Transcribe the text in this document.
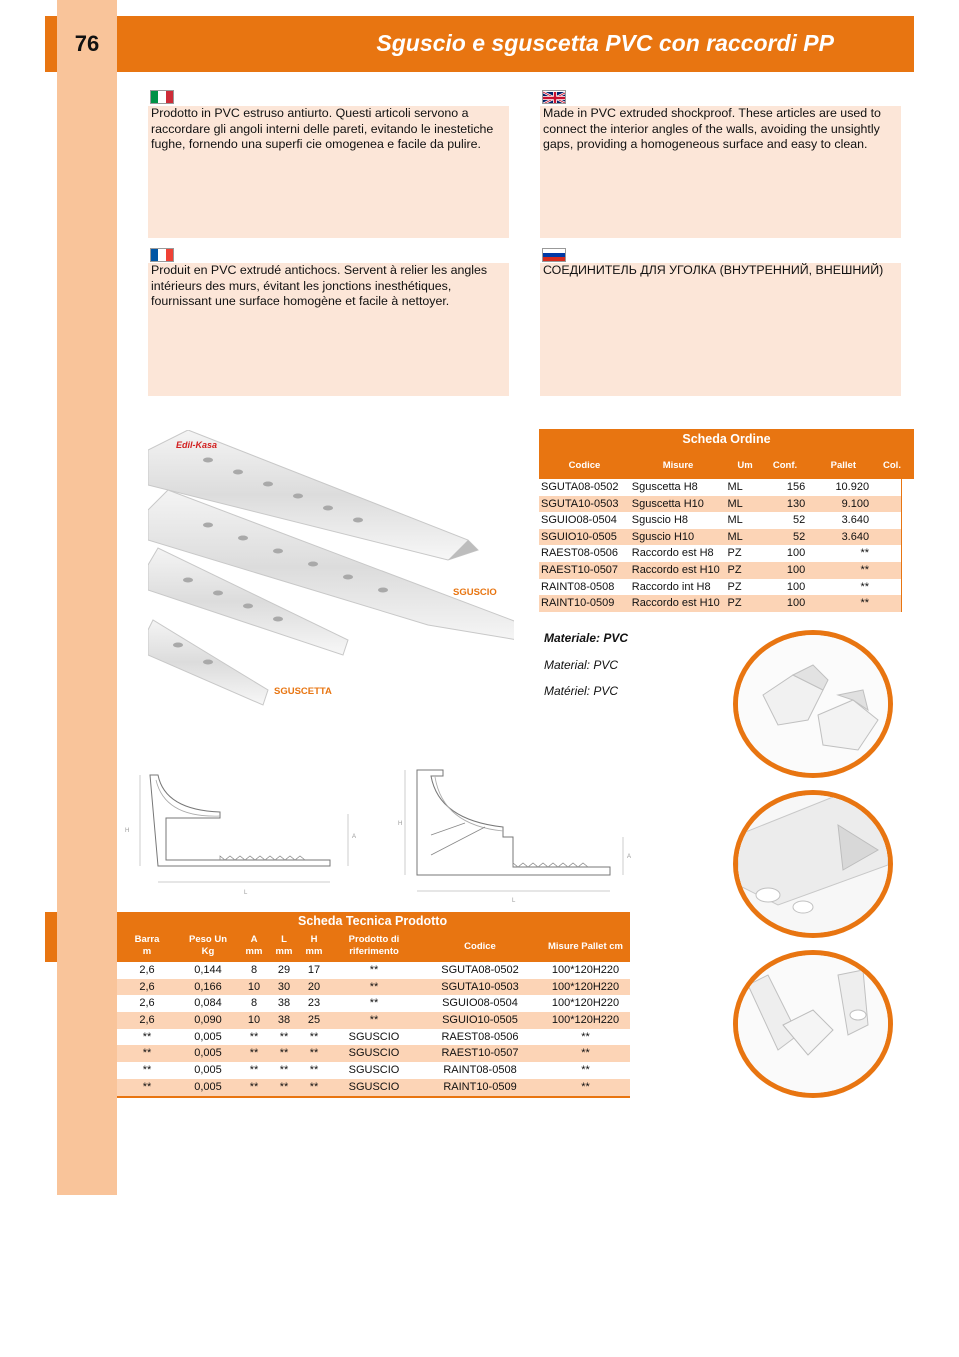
76	Sguscio e sguscetta PVC con raccordi PP
Prodotto in PVC estruso antiurto. Questi articoli servono a raccordare gli angoli interni delle pareti, evitando le inestetiche fughe, fornendo una superfi cie omogenea e facile da pulire.
Made in PVC extruded shockproof. These articles are used to connect the interior angles of the walls, avoiding the unsightly gaps, providing a homogeneous surface and easy to clean.
Produit en PVC extrudé antichocs. Servent à relier les angles intérieurs des murs, évitant les jonctions inesthétiques, fournissant une surface homogène et facile à nettoyer.
СОЕДИНИТЕЛЬ ДЛЯ УГОЛКА (ВНУТРЕННИЙ, ВНЕШНИЙ)
Edil-Kasa
SGUSCIO
SGUSCETTA
Scheda Ordine
Codice	Misure	Um	Conf.	Pallet	Col.
SGUTA08-0502	Sguscetta H8	ML	156	10.920
SGUTA10-0503	Sguscetta H10	ML	130	9.100
SGUIO08-0504	Sguscio H8	ML	52	3.640
SGUIO10-0505	Sguscio H10	ML	52	3.640
RAEST08-0506	Raccordo est H8	PZ	100	**
RAEST10-0507	Raccordo est H10 PZ	100	**
RAINT08-0508	Raccordo int H8	PZ	100	**
RAINT10-0509	Raccordo est H10 PZ	100	**
Materiale: PVC
Material: PVC
Matériel: PVC
H
A
L
H
A
L
Scheda Tecnica Prodotto
Barra
m
Peso Un
Kg
A
mm
L
mm
H
mm
Prodotto di
riferimento	Codice	Misure Pallet cm
2,6	0,144	8	29	17	**	SGUTA08-0502	100*120H220
2,6	0,166	10	30	20	**	SGUTA10-0503	100*120H220
2,6	0,084	8	38	23	**	SGUIO08-0504	100*120H220
2,6	0,090	10	38	25	**	SGUIO10-0505	100*120H220
**	0,005	**	**	**	SGUSCIO	RAEST08-0506	**
**	0,005	**	**	**	SGUSCIO	RAEST10-0507	**
**	0,005	**	**	**	SGUSCIO	RAINT08-0508	**
**	0,005	**	**	**	SGUSCIO	RAINT10-0509	**
